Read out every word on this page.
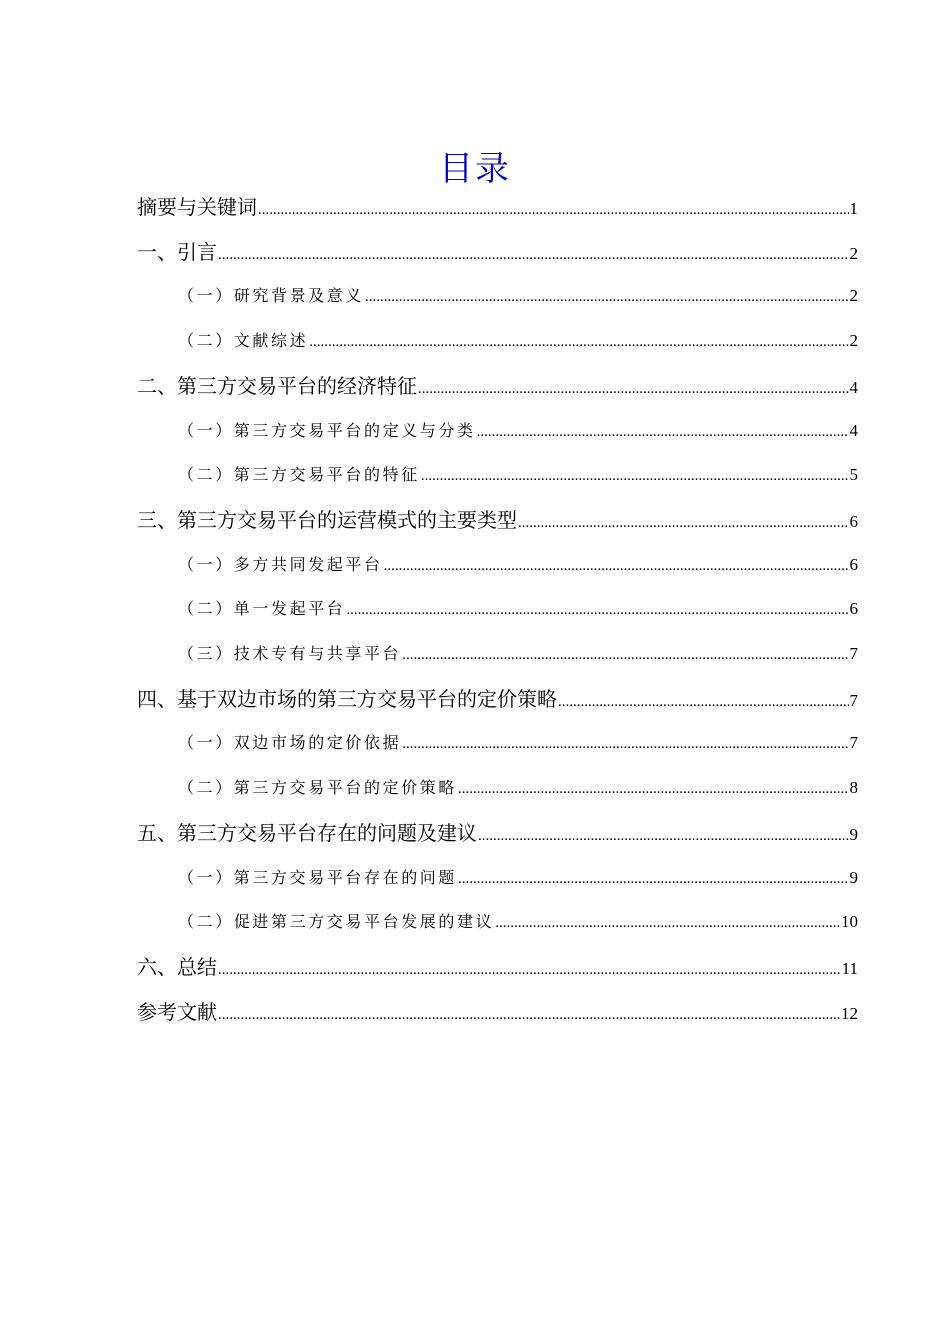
目录
摘要与关键词 .....	1
一、引言 .....	2
（一）研究背景及意义 .....	2
（二）文献综述 .....	2
二、第三方交易平台的经济特征 .....	4
（一）第三方交易平台的定义与分类 .....	4
（二）第三方交易平台的特征 .....	5
三、第三方交易平台的运营模式的主要类型 .....	6
（一）多方共同发起平台 .....	6
（二）单一发起平台 .....	6
（三）技术专有与共享平台 .....	7
四、基于双边市场的第三方交易平台的定价策略 .....	7
（一）双边市场的定价依据 .....	7
（二）第三方交易平台的定价策略 .....	8
五、第三方交易平台存在的问题及建议 .....	9
（一）第三方交易平台存在的问题 .....	9
（二）促进第三方交易平台发展的建议 .....	10
六、总结 .....	11
参考文献 .....	12
